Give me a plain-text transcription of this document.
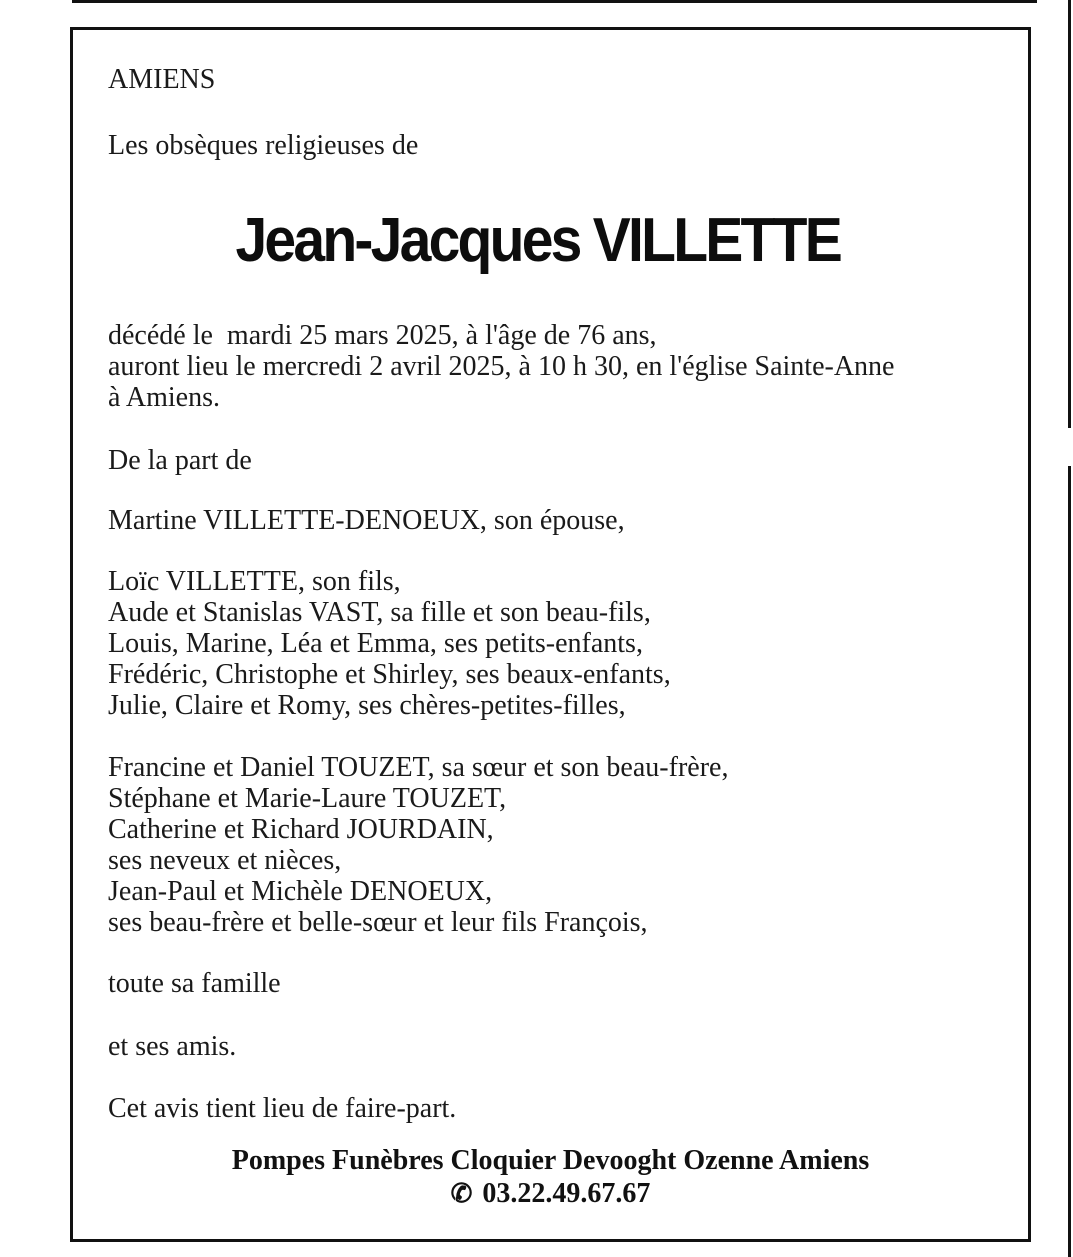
AMIENS
Les obsèques religieuses de
Jean-Jacques VILLETTE
décédé le  mardi 25 mars 2025, à l'âge de 76 ans,
auront lieu le mercredi 2 avril 2025, à 10 h 30, en l'église Sainte-Anne
à Amiens.
De la part de
Martine VILLETTE-DENOEUX, son épouse,
Loïc VILLETTE, son fils,
Aude et Stanislas VAST, sa fille et son beau-fils,
Louis, Marine, Léa et Emma, ses petits-enfants,
Frédéric, Christophe et Shirley, ses beaux-enfants,
Julie, Claire et Romy, ses chères-petites-filles,
Francine et Daniel TOUZET, sa sœur et son beau-frère,
Stéphane et Marie-Laure TOUZET,
Catherine et Richard JOURDAIN,
ses neveux et nièces,
Jean-Paul et Michèle DENOEUX,
ses beau-frère et belle-sœur et leur fils François,
toute sa famille
et ses amis.
Cet avis tient lieu de faire-part.
Pompes Funèbres Cloquier Devooght Ozenne Amiens
✆ 03.22.49.67.67
